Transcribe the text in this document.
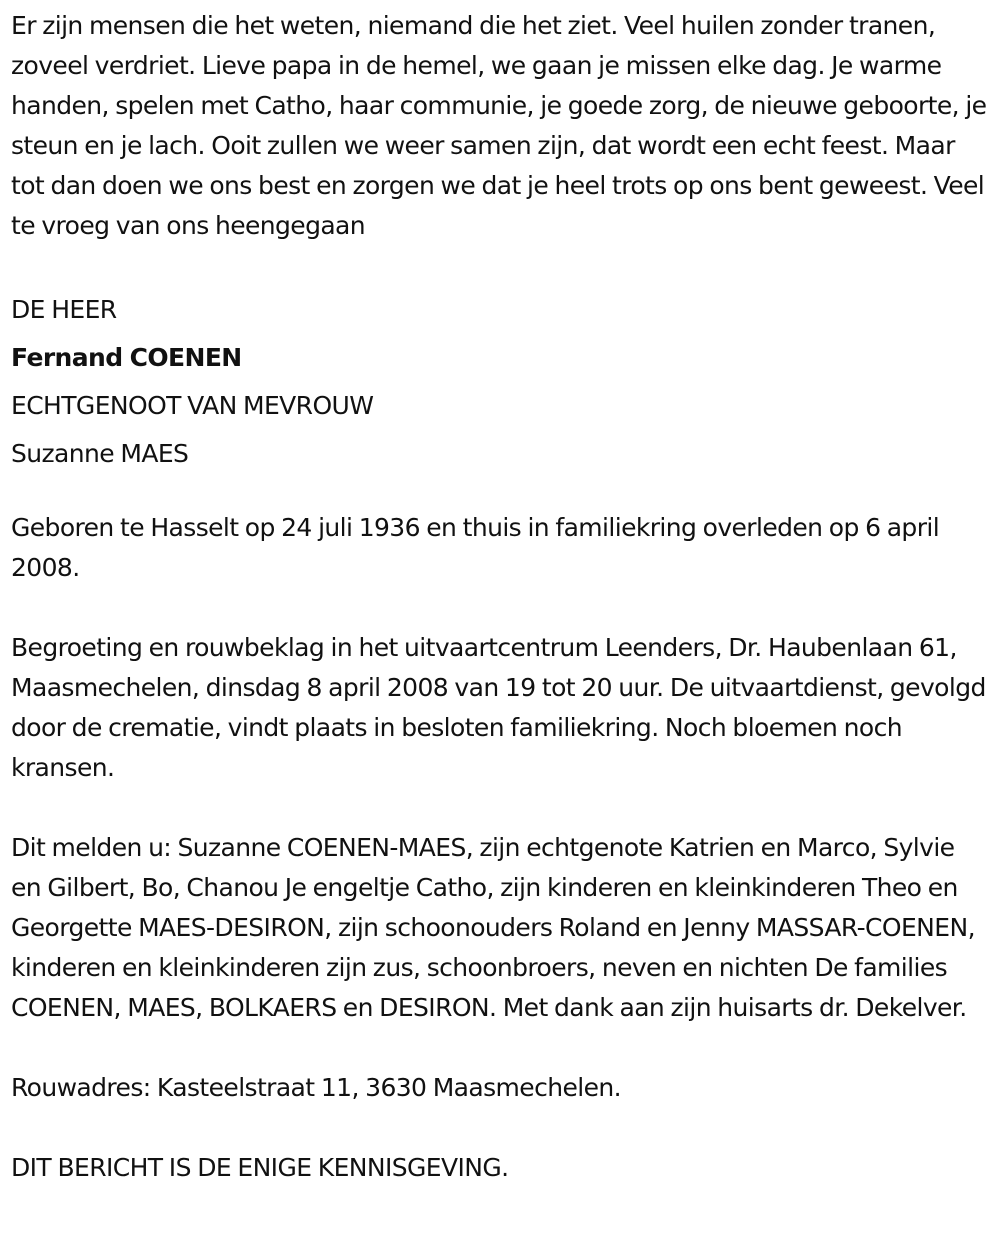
Er zijn mensen die het weten, niemand die het ziet. Veel huilen zonder tranen, zoveel verdriet. Lieve papa in de hemel, we gaan je missen elke dag. Je warme handen, spelen met Catho, haar communie, je goede zorg, de nieuwe geboorte, je steun en je lach. Ooit zullen we weer samen zijn, dat wordt een echt feest. Maar tot dan doen we ons best en zorgen we dat je heel trots op ons bent geweest. Veel te vroeg van ons heengegaan

DE HEER

Fernand COENEN

ECHTGENOOT VAN MEVROUW

Suzanne MAES

Geboren te Hasselt op 24 juli 1936 en thuis in familiekring overleden op 6 april 2008.

Begroeting en rouwbeklag in het uitvaartcentrum Leenders, Dr. Haubenlaan 61, Maasmechelen, dinsdag 8 april 2008 van 19 tot 20 uur. De uitvaartdienst, gevolgd door de crematie, vindt plaats in besloten familiekring. Noch bloemen noch kransen.

Dit melden u: Suzanne COENEN-MAES, zijn echtgenote Katrien en Marco, Sylvie en Gilbert, Bo, Chanou Je engeltje Catho, zijn kinderen en kleinkinderen Theo en Georgette MAES-DESIRON, zijn schoonouders Roland en Jenny MASSAR-COENEN, kinderen en kleinkinderen zijn zus, schoonbroers, neven en nichten De families COENEN, MAES, BOLKAERS en DESIRON. Met dank aan zijn huisarts dr. Dekelver.

Rouwadres: Kasteelstraat 11, 3630 Maasmechelen.

DIT BERICHT IS DE ENIGE KENNISGEVING.
